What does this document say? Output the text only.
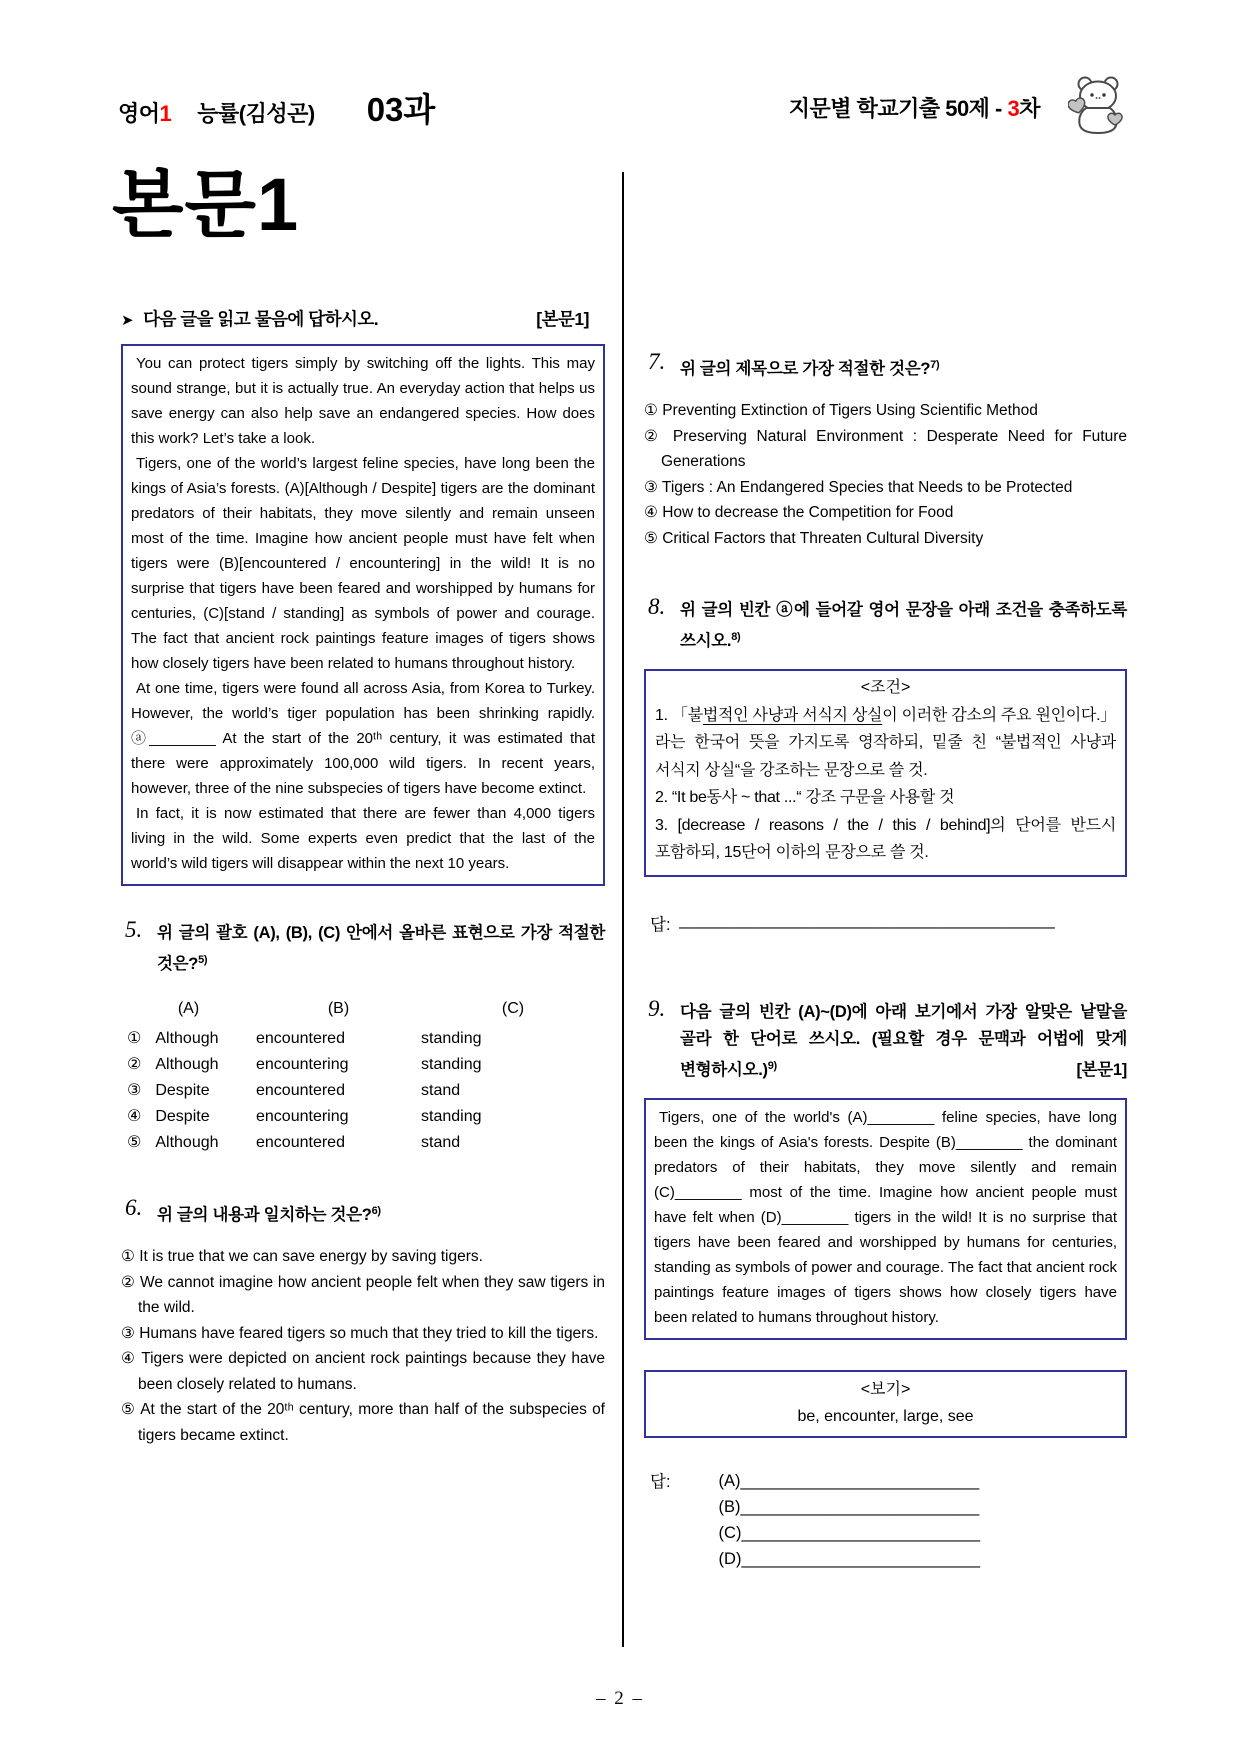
영어1 능률(김성곤) 03과	지문별 학교기출 50제 - 3차
본문1
➤ 다음 글을 읽고 물음에 답하시오.	[본문1]

You can protect tigers simply by switching off the lights. This may sound strange, but it is actually true. An everyday action that helps us save energy can also help save an endangered species. How does this work? Let’s take a look.

Tigers, one of the world’s largest feline species, have long been the kings of Asia’s forests. (A)[Although / Despite] tigers are the dominant predators of their habitats, they move silently and remain unseen most of the time. Imagine how ancient people must have felt when tigers were (B)[encountered / encountering] in the wild! It is no surprise that tigers have been feared and worshipped by humans for centuries, (C)[stand / standing] as symbols of power and courage. The fact that ancient rock paintings feature images of tigers shows how closely tigers have been related to humans throughout history.

At one time, tigers were found all across Asia, from Korea to Turkey. However, the world’s tiger population has been shrinking rapidly. ⓐ________ At the start of the 20ᵗʰ century, it was estimated that there were approximately 100,000 wild tigers. In recent years, however, three of the nine subspecies of tigers have become extinct.

In fact, it is now estimated that there are fewer than 4,000 tigers living in the wild. Some experts even predict that the last of the world’s wild tigers will disappear within the next 10 years.

5. 위 글의 괄호 (A), (B), (C) 안에서 올바른 표현으로 가장 적절한 것은?$^{5)}$
(A)	(B)	(C)
① Although	encountered	standing
② Although	encountering	standing
③ Despite	encountered	stand
④ Despite	encountering	standing
⑤ Although	encountered	stand
6. 위 글의 내용과 일치하는 것은?$^{6)}$
① It is true that we can save energy by saving tigers.
② We cannot imagine how ancient people felt when they saw tigers in the wild.
③ Humans have feared tigers so much that they tried to kill the tigers.
④ Tigers were depicted on ancient rock paintings because they have been closely related to humans.
⑤ At the start of the 20ᵗʰ century, more than half of the subspecies of tigers became extinct.
7. 위 글의 제목으로 가장 적절한 것은?$^{7)}$
① Preventing Extinction of Tigers Using Scientific Method
② Preserving Natural Environment : Desperate Need for Future Generations
③ Tigers : An Endangered Species that Needs to be Protected
④ How to decrease the Competition for Food
⑤ Critical Factors that Threaten Cultural Diversity
8. 위 글의 빈칸 ⓐ에 들어갈 영어 문장을 아래 조건을 충족하도록 쓰시오.$^{8)}$
<조건>
1. 「불법적인 사냥과 서식지 상실이 이러한 감소의 주요 원인이다.」라는 한국어 뜻을 가지도록 영작하되, 밑줄 친 “불법적인 사냥과 서식지 상실“을 강조하는 문장으로 쓸 것.
2. “It be동사 ~ that ...“ 강조 구문을 사용할 것
3. [decrease / reasons / the / this / behind]의 단어를 반드시 포함하되, 15단어 이하의 문장으로 쓸 것.
답: _________________________________________
9. 다음 글의 빈칸 (A)~(D)에 아래 보기에서 가장 알맞은 낱말을 골라 한 단어로 쓰시오. (필요할 경우 문맥과 어법에 맞게 변형하시오.)$^{9)}$	[본문1]

Tigers, one of the world's (A)________ feline species, have long been the kings of Asia's forests. Despite (B)________ the dominant predators of their habitats, they move silently and remain (C)________ most of the time. Imagine how ancient people must have felt when (D)________ tigers in the wild! It is no surprise that tigers have been feared and worshipped by humans for centuries, standing as symbols of power and courage. The fact that ancient rock paintings feature images of tigers shows how closely tigers have been related to humans throughout history.

<보기>
be, encounter, large, see
답:	(A)__________________________
(B)__________________________
(C)__________________________
(D)__________________________
– 2 –
